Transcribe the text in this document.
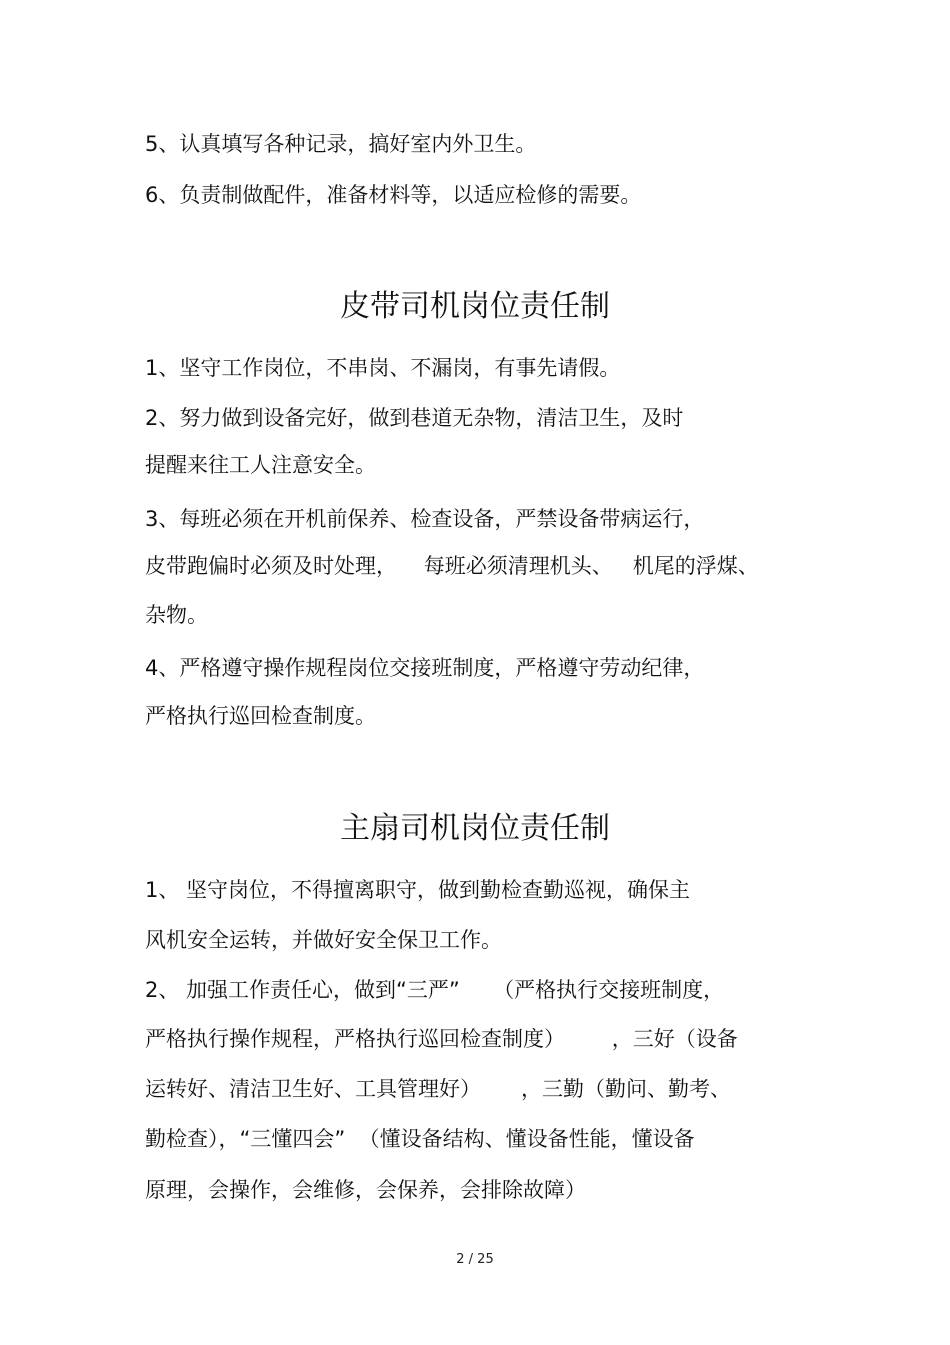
5、认真填写各种记录，搞好室内外卫生。

6、负责制做配件，准备材料等，以适应检修的需要。

皮带司机岗位责任制

1、坚守工作岗位，不串岗、不漏岗，有事先请假。

2、努力做到设备完好，做到巷道无杂物，清洁卫生，及时

提醒来往工人注意安全。

3、每班必须在开机前保养、检查设备，严禁设备带病运行，

皮带跑偏时必须及时处理，    每班必须清理机头、   机尾的浮煤、

杂物。

4、严格遵守操作规程岗位交接班制度，严格遵守劳动纪律，

严格执行巡回检查制度。

主扇司机岗位责任制

1、 坚守岗位，不得擅离职守，做到勤检查勤巡视，确保主

风机安全运转，并做好安全保卫工作。

2、 加强工作责任心，做到“三严”     （严格执行交接班制度，

严格执行操作规程，严格执行巡回检查制度）       ，三好（设备

运转好、清洁卫生好、工具管理好）      ，三勤（勤问、勤考、

勤检查），“三懂四会”  （懂设备结构、懂设备性能，懂设备

原理，会操作，会维修，会保养，会排除故障）

2 / 25
